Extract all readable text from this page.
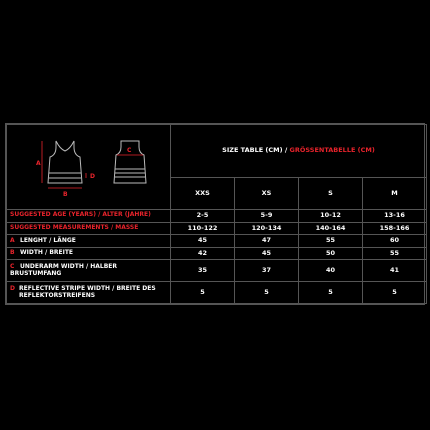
A
B
D
C	SIZE TABLE (CM) / GRÖSSENTABELLE (CM)			
	XXS	XS	S	M
SUGGESTED AGE (YEARS) / ALTER (JAHRE)	2-5	5-9	10-12	13-16
SUGGESTED MEASUREMENTS / MASSE	110-122	120-134	140-164	158-166
A LENGHT / LÄNGE	45	47	55	60
B WIDTH / BREITE	42	45	50	55
C UNDERARM WIDTH / HALBER BRUSTUMFANG	35	37	40	41

D REFLECTIVE STRIPE WIDTH / BREITE DES REFLEKTORSTREIFENS	5	5	5	5
